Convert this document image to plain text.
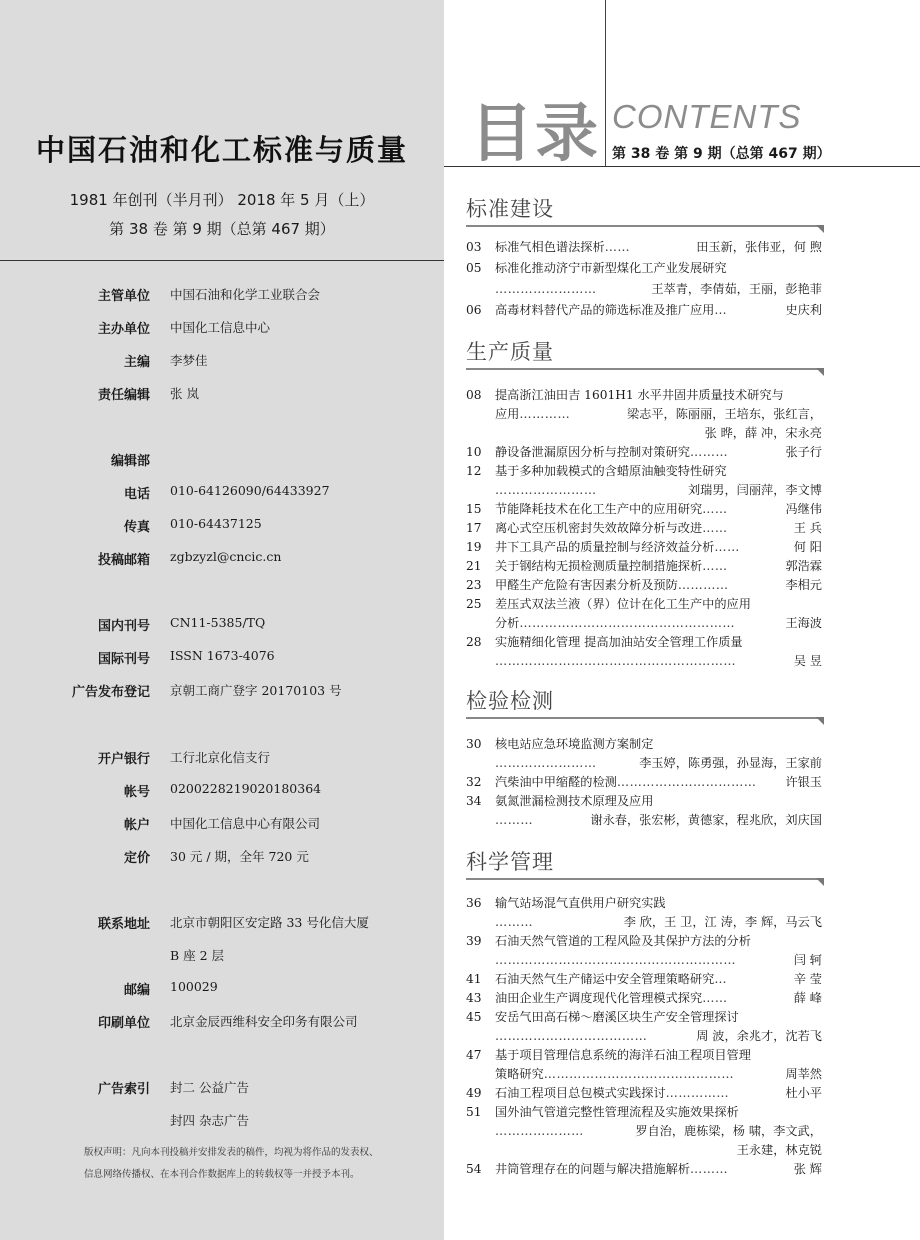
中国石油和化工标准与质量
1981 年创刊（半月刊） 2018 年 5 月（上）
第 38 卷 第 9 期（总第 467 期）
主管单位 中国石油和化学工业联合会
主办单位 中国化工信息中心
主编 李梦佳
责任编辑 张 岚
编辑部
电话 010-64126090/64433927
传真 010-64437125
投稿邮箱 zgbzyzl@cncic.cn
国内刊号 CN11-5385/TQ
国际刊号 ISSN 1673-4076
广告发布登记 京朝工商广登字 20170103 号
开户银行 工行北京化信支行
帐号 0200228219020180364
帐户 中国化工信息中心有限公司
定价 30 元 / 期，全年 720 元
联系地址 北京市朝阳区安定路 33 号化信大厦
B 座 2 层
邮编 100029
印刷单位 北京金辰西维科安全印务有限公司
广告索引 封二 公益广告
封四 杂志广告
版权声明：凡向本刊投稿并安排发表的稿件，均视为将作品的发表权、
信息网络传播权、在本刊合作数据库上的转载权等一并授予本刊。
目录 CONTENTS
第 38 卷 第 9 期（总第 467 期）
标准建设
生产质量
检验检测
科学管理
03	标准气相色谱法探析 ……	田玉新，张伟亚，何 煦
05	标准化推动济宁市新型煤化工产业发展研究
……………………	王萃青，李倩茹，王丽，彭艳菲
06	高毒材料替代产品的筛选标准及推广应用 …	史庆利
08	提高浙江油田吉 1601H1 水平井固井质量技术研究与
应用 …………	梁志平，陈丽丽，王培东，张红言，
张 晔，薛 冲，宋永亮
10	静设备泄漏原因分析与控制对策研究 ………	张子行
12	基于多种加载模式的含蜡原油触变特性研究
……………………	刘瑞男，闫丽萍，李文博
15	节能降耗技术在化工生产中的应用研究 ……	冯继伟
17	离心式空压机密封失效故障分析与改进 ……	王 兵
19	井下工具产品的质量控制与经济效益分析 ……	何 阳
21	关于钢结构无损检测质量控制措施探析 ……	郭浩霖
23	甲醛生产危险有害因素分析及预防 …………	李相元
25	差压式双法兰液（界）位计在化工生产中的应用
分析 ……………………………………………	王海波
28	实施精细化管理 提高加油站安全管理工作质量
…………………………………………………	吴 昱
30	核电站应急环境监测方案制定
……………………	李玉婷，陈勇强，孙显海，王家前
32	汽柴油中甲缩醛的检测 ……………………………	许银玉
34	氨氮泄漏检测技术原理及应用
………	谢永春，张宏彬，黄德家，程兆欣，刘庆国
36	输气站场混气直供用户研究实践
………	李 欣，王 卫，江 涛，李 辉，马云飞
39	石油天然气管道的工程风险及其保护方法的分析
…………………………………………………	闫 轲
41	石油天然气生产储运中安全管理策略研究 …	辛 莹
43	油田企业生产调度现代化管理模式探究 ……	薛 峰
45	安岳气田高石梯～磨溪区块生产安全管理探讨
………………………………	周 波，余兆才，沈若飞
47	基于项目管理信息系统的海洋石油工程项目管理
策略研究 ………………………………………	周莘然
49	石油工程项目总包模式实践探讨 ……………	杜小平
51	国外油气管道完整性管理流程及实施效果探析
…………………	罗自治，鹿栋梁，杨 啸，李文武，
王永建，林克锐
54	井筒管理存在的问题与解决措施解析 ………	张 辉
